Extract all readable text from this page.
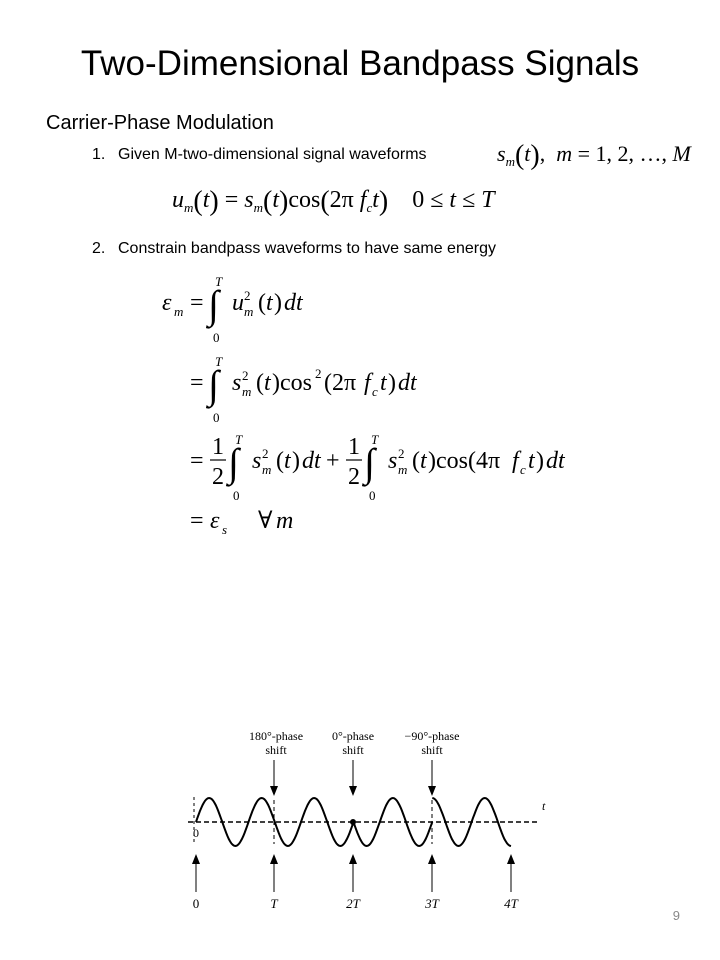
Two-Dimensional Bandpass Signals
Carrier-Phase Modulation
1. Given M-two-dimensional signal waveforms
2. Constrain bandpass waveforms to have same energy
$s_m(t)$,  m = 1, 2, …, M
$u_m(t) = s_m(t)\cos(2\pi$ $f_ct$)    0 ≤ t ≤ T
ε m = ∫
T
0
u 2
m ( t ) dt
= ∫
T
0
s 2
m ( t )cos 2 (2π f c t ) dt
=
1
2 ∫
T
0
s 2
m ( t ) dt +
1
2 ∫
T
0
s 2
m ( t )cos(4π f c t ) dt
= ε s ∀ m
180°-phase
shift
0°-phase
shift
−90°-phase
shift
t
0
0	T	2T	3T	4T
9
